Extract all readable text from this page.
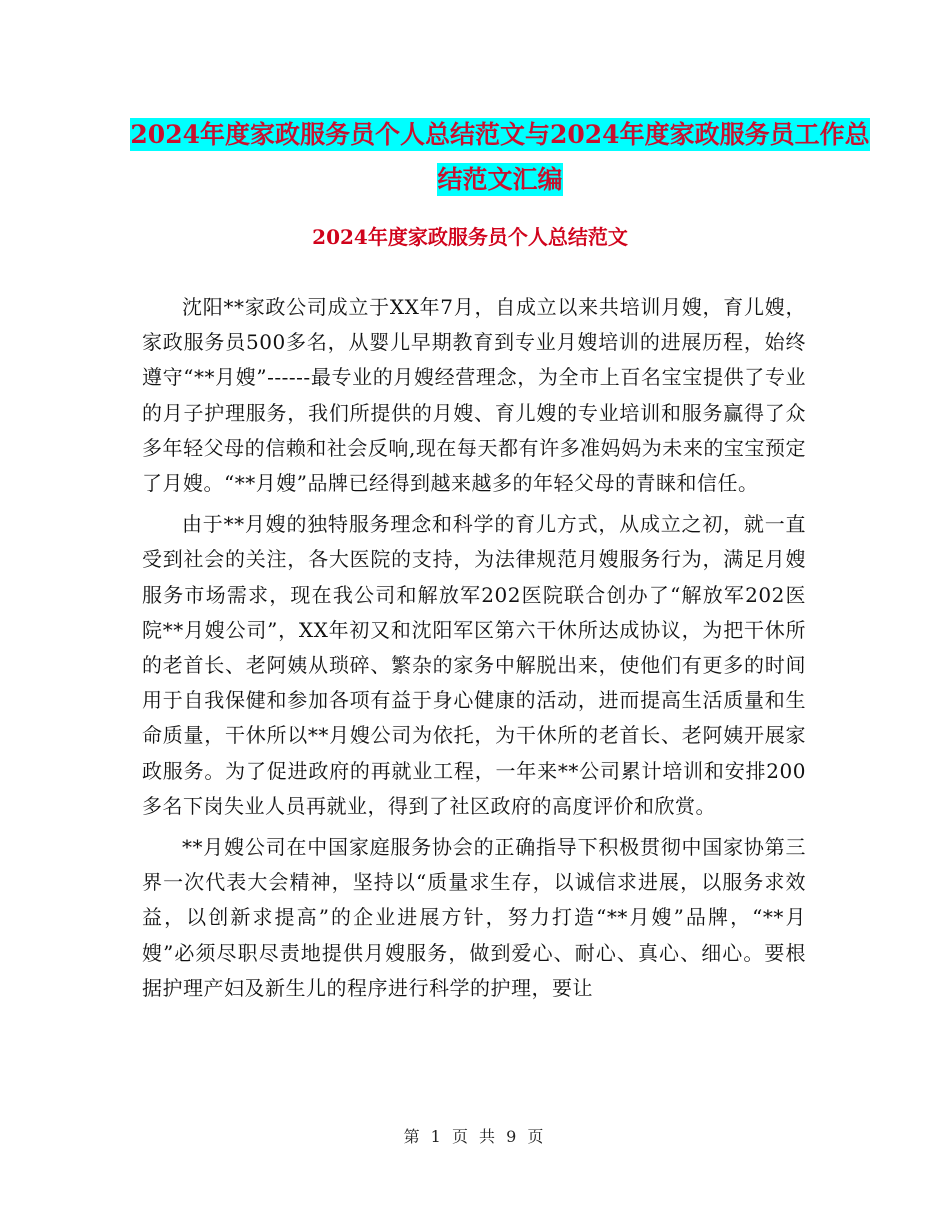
2024年度家政服务员个人总结范文与2024年度家政服务员工作总结范文汇编
2024年度家政服务员个人总结范文

沈阳**家政公司成立于XX年7月，自成立以来共培训月嫂，育儿嫂，家政服务员500多名，从婴儿早期教育到专业月嫂培训的进展历程，始终遵守“**月嫂”------最专业的月嫂经营理念，为全市上百名宝宝提供了专业的月子护理服务，我们所提供的月嫂、育儿嫂的专业培训和服务赢得了众多年轻父母的信赖和社会反响,现在每天都有许多准妈妈为未来的宝宝预定了月嫂。“**月嫂”品牌已经得到越来越多的年轻父母的青睐和信任。

由于**月嫂的独特服务理念和科学的育儿方式，从成立之初，就一直受到社会的关注，各大医院的支持，为法律规范月嫂服务行为，满足月嫂服务市场需求，现在我公司和解放军202医院联合创办了“解放军202医院**月嫂公司”，XX年初又和沈阳军区第六干休所达成协议，为把干休所的老首长、老阿姨从琐碎、繁杂的家务中解脱出来，使他们有更多的时间用于自我保健和参加各项有益于身心健康的活动，进而提高生活质量和生命质量，干休所以**月嫂公司为依托，为干休所的老首长、老阿姨开展家政服务。为了促进政府的再就业工程，一年来**公司累计培训和安排200多名下岗失业人员再就业，得到了社区政府的高度评价和欣赏。

**月嫂公司在中国家庭服务协会的正确指导下积极贯彻中国家协第三界一次代表大会精神，坚持以“质量求生存，以诚信求进展，以服务求效益，以创新求提高”的企业进展方针，努力打造“**月嫂”品牌，“**月嫂”必须尽职尽责地提供月嫂服务，做到爱心、耐心、真心、细心。要根据护理产妇及新生儿的程序进行科学的护理，要让

第 1 页 共 9 页
